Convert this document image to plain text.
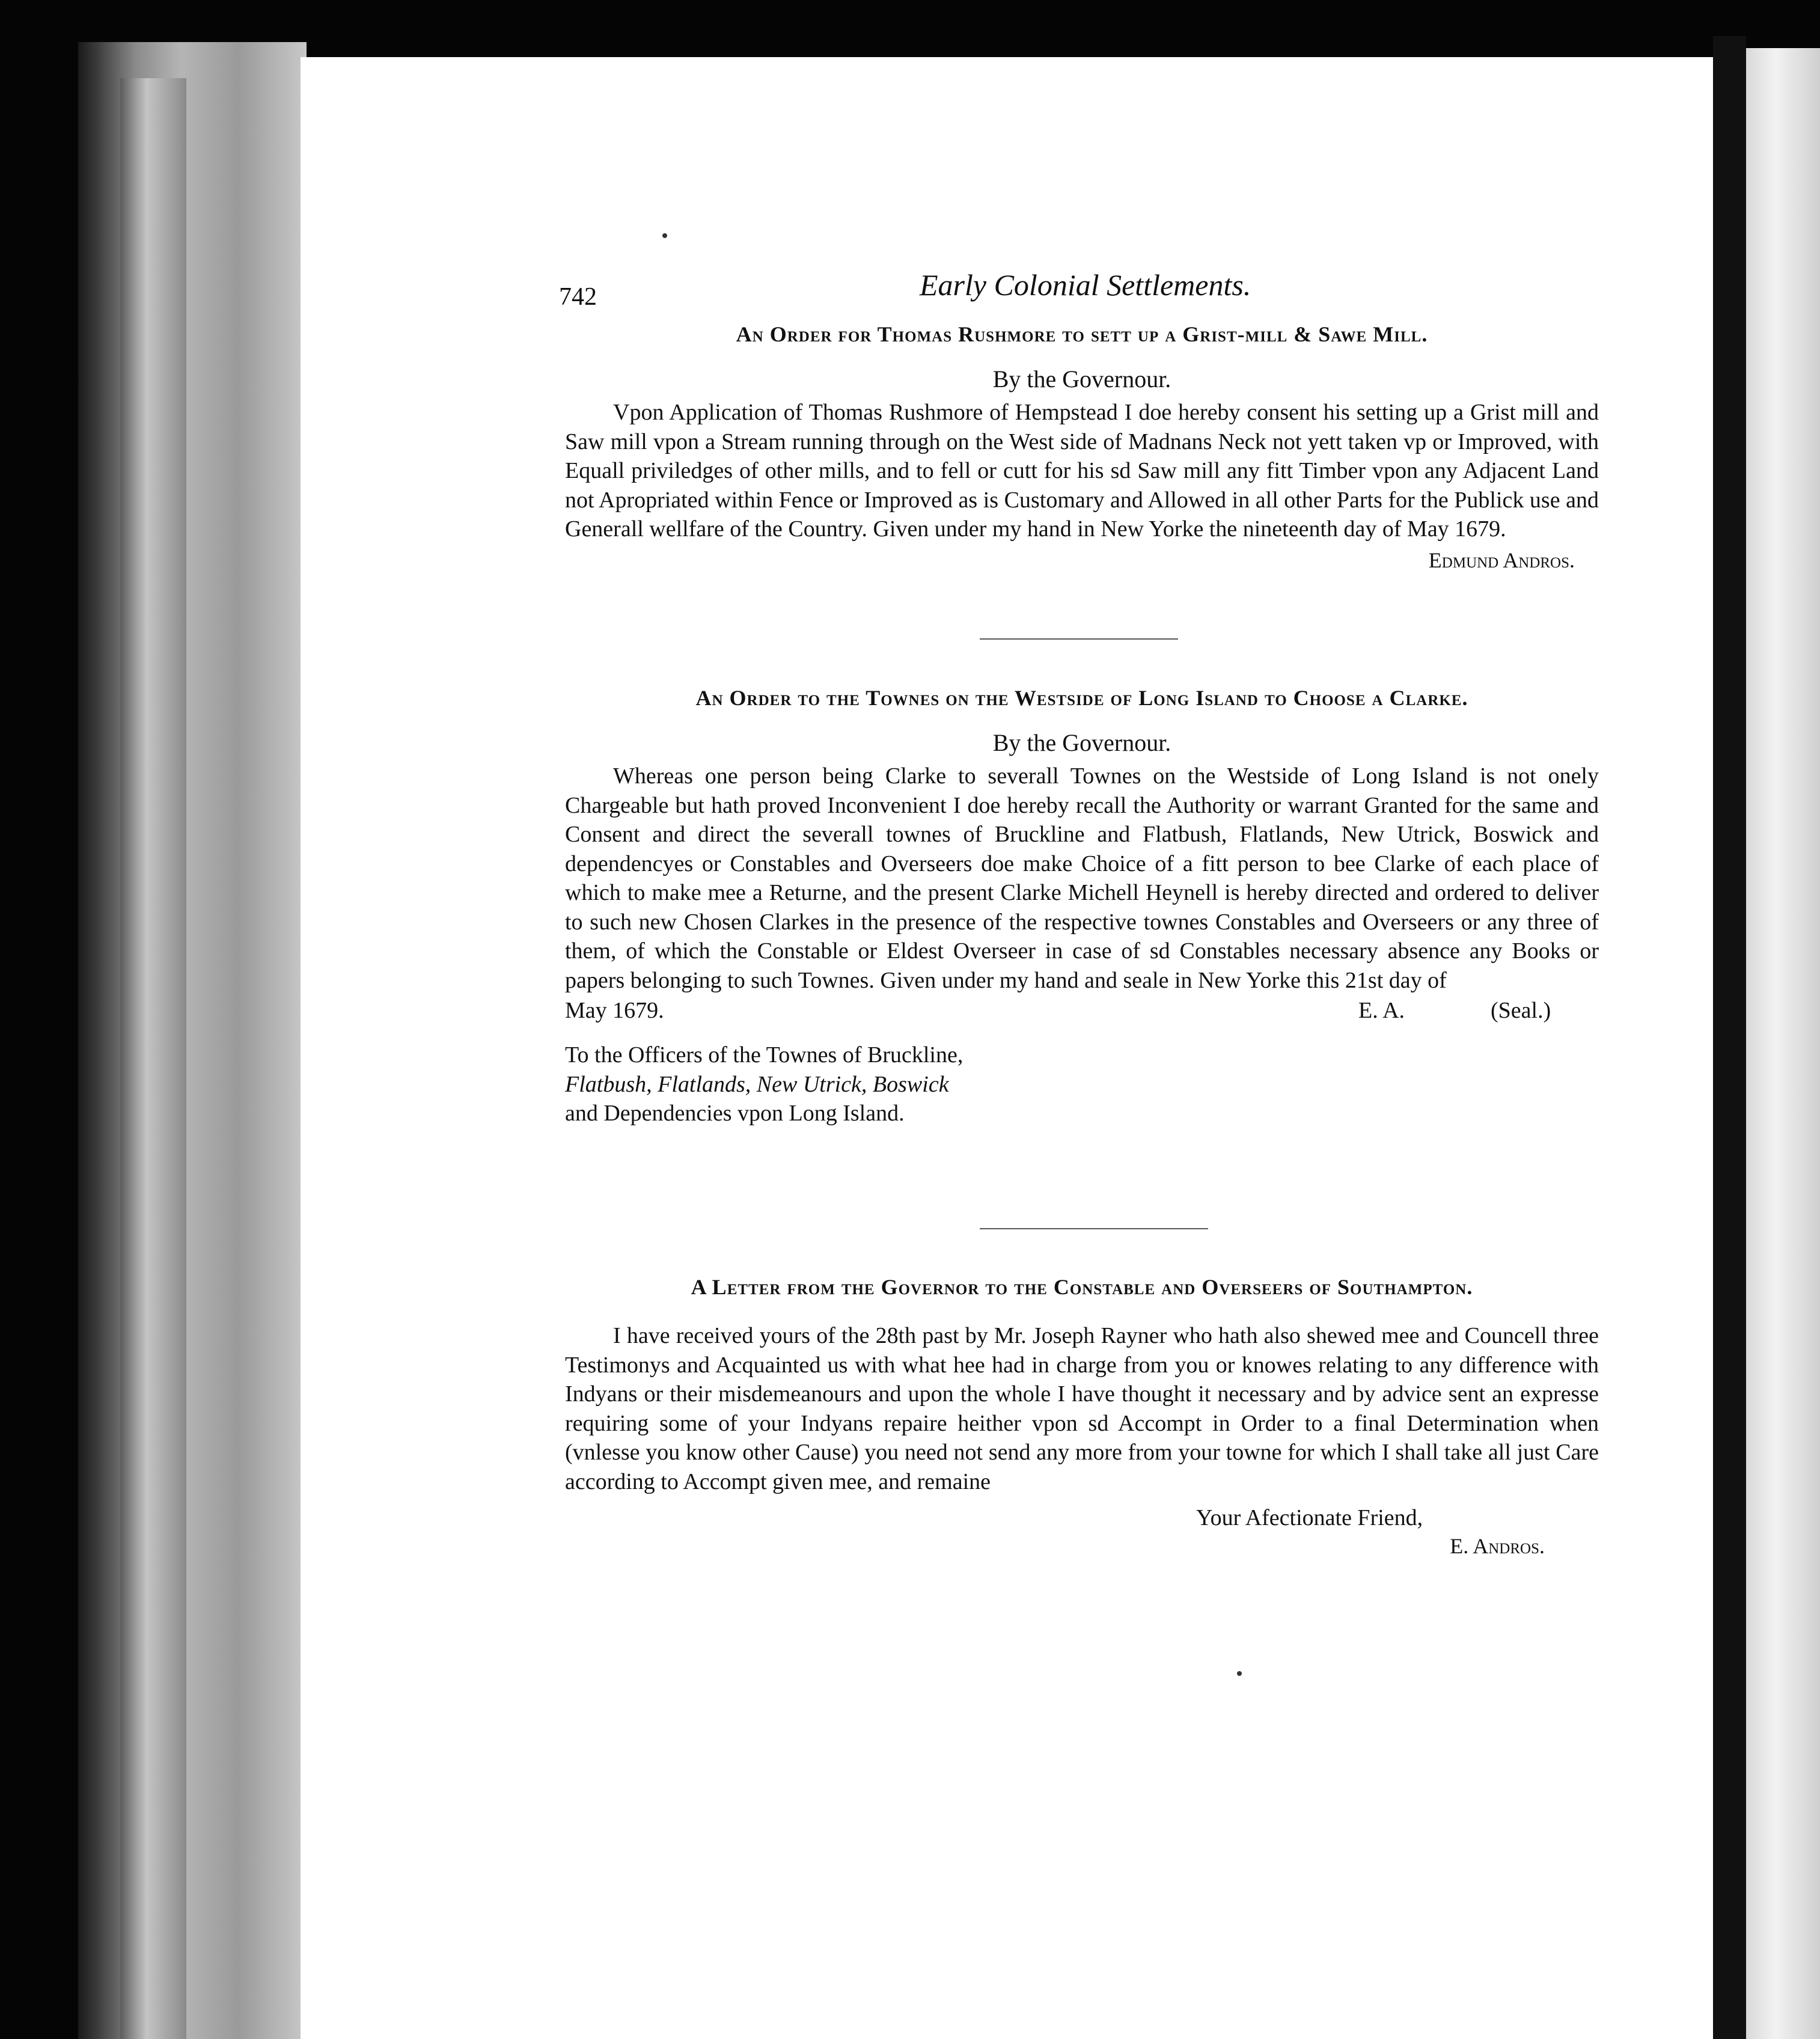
742	Early Colonial Settlements.
An Order for Thomas Rushmore to sett up a Grist-mill & Sawe Mill.
By the Governour.

Vpon Application of Thomas Rushmore of Hempstead I doe hereby consent his setting up a Grist mill and Saw mill vpon a Stream running through on the West side of Madnans Neck not yett taken vp or Improved, with Equall priviledges of other mills, and to fell or cutt for his sd Saw mill any fitt Timber vpon any Adjacent Land not Apropriated within Fence or Improved as is Customary and Allowed in all other Parts for the Publick use and Generall wellfare of the Country. Given under my hand in New Yorke the nineteenth day of May 1679.

Edmund Andros.
An Order to the Townes on the Westside of Long Island to Choose a Clarke.
By the Governour.

Whereas one person being Clarke to severall Townes on the Westside of Long Island is not onely Chargeable but hath proved Inconvenient I doe hereby recall the Authority or warrant Granted for the same and Consent and direct the severall townes of Bruckline and Flatbush, Flatlands, New Utrick, Boswick and dependencyes or Constables and Overseers doe make Choice of a fitt person to bee Clarke of each place of which to make mee a Returne, and the present Clarke Michell Heynell is hereby directed and ordered to deliver to such new Chosen Clarkes in the presence of the respective townes Constables and Overseers or any three of them, of which the Constable or Eldest Overseer in case of sd Constables necessary absence any Books or papers belonging to such Townes. Given under my hand and seale in New Yorke this 21st day of

May 1679.	E. A.	(Seal.)
To the Officers of the Townes of Bruckline,
Flatbush, Flatlands, New Utrick, Boswick
and Dependencies vpon Long Island.
A Letter from the Governor to the Constable and Overseers of Southampton.

I have received yours of the 28th past by Mr. Joseph Rayner who hath also shewed mee and Councell three Testimonys and Acquainted us with what hee had in charge from you or knowes relating to any difference with Indyans or their misdemeanours and upon the whole I have thought it necessary and by advice sent an expresse requiring some of your Indyans repaire heither vpon sd Accompt in Order to a final Determination when (vnlesse you know other Cause) you need not send any more from your towne for which I shall take all just Care according to Accompt given mee, and remaine

Your Afectionate Friend,
E. Andros.
